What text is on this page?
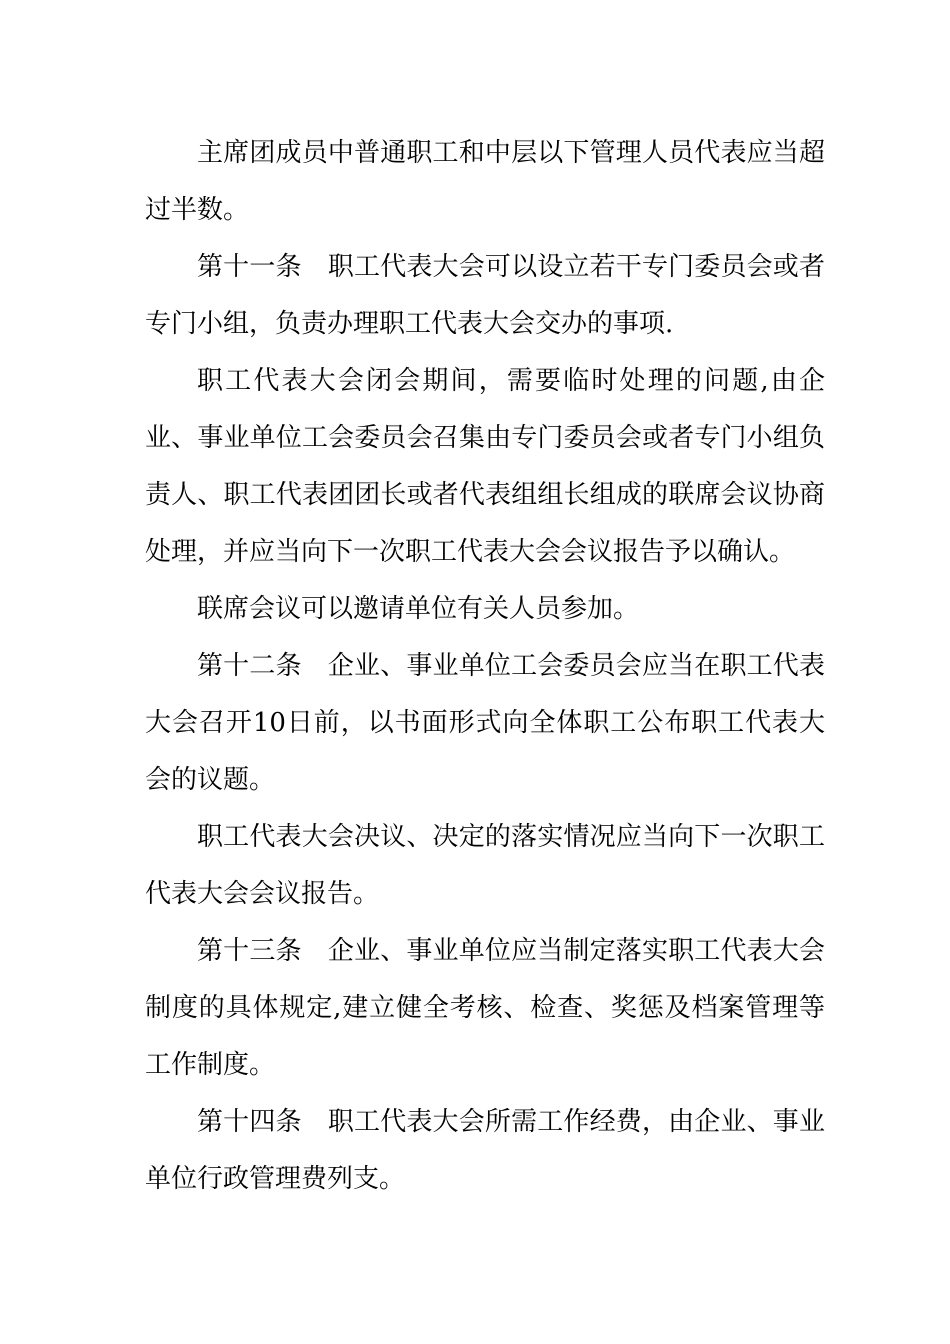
主席团成员中普通职工和中层以下管理人员代表应当超过半数。

第十一条　职工代表大会可以设立若干专门委员会或者专门小组，负责办理职工代表大会交办的事项.

职工代表大会闭会期间，需要临时处理的问题,由企业、事业单位工会委员会召集由专门委员会或者专门小组负责人、职工代表团团长或者代表组组长组成的联席会议协商处理，并应当向下一次职工代表大会会议报告予以确认。

联席会议可以邀请单位有关人员参加。

第十二条　企业、事业单位工会委员会应当在职工代表大会召开10日前，以书面形式向全体职工公布职工代表大会的议题。

职工代表大会决议、决定的落实情况应当向下一次职工代表大会会议报告。

第十三条　企业、事业单位应当制定落实职工代表大会制度的具体规定,建立健全考核、检查、奖惩及档案管理等工作制度。

第十四条　职工代表大会所需工作经费，由企业、事业单位行政管理费列支。
